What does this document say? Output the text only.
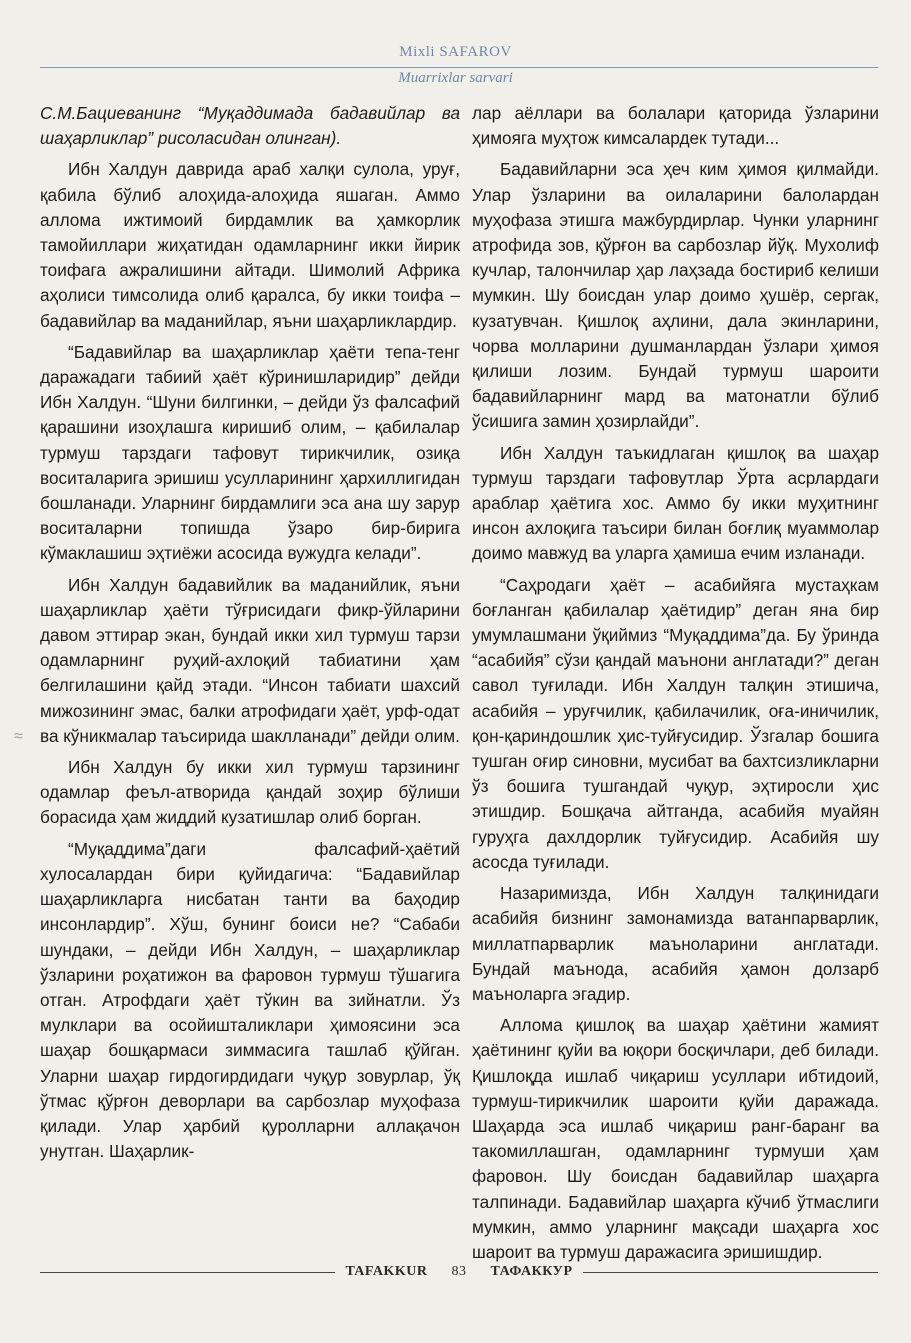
Mixli SAFAROV
Muarrixlar sarvari
≈

С.М.Бациеванинг “Муқаддимада бадавийлар ва шаҳарликлар” рисоласидан олинган).

Ибн Халдун даврида араб халқи сулола, уруғ, қабила бўлиб алоҳида-алоҳида яшаган. Аммо аллома ижтимоий бирдамлик ва ҳамкорлик тамойиллари жиҳатидан одамларнинг икки йирик тоифага ажралишини айтади. Шимолий Африка аҳолиси тимсолида олиб қаралса, бу икки тоифа – бадавийлар ва маданийлар, яъни шаҳарликлардир.

“Бадавийлар ва шаҳарликлар ҳаёти тепа-тенг даражадаги табиий ҳаёт кўринишларидир” дейди Ибн Халдун. “Шуни билгинки, – дейди ўз фалсафий қарашини изоҳлашга киришиб олим, – қабилалар турмуш тарздаги тафовут тирикчилик, озиқа воситаларига эришиш усулларининг ҳархиллигидан бошланади. Уларнинг бирдамлиги эса ана шу зарур воситаларни топишда ўзаро бир-бирига кўмаклашиш эҳтиёжи асосида вужудга келади”.

Ибн Халдун бадавийлик ва маданийлик, яъни шаҳарликлар ҳаёти тўғрисидаги фикр-ўйларини давом эттирар экан, бундай икки хил турмуш тарзи одамларнинг руҳий-ахлоқий табиатини ҳам белгилашини қайд этади. “Инсон табиати шахсий мижозининг эмас, балки атрофидаги ҳаёт, урф-одат ва кўникмалар таъсирида шаклланади” дейди олим.

Ибн Халдун бу икки хил турмуш тарзининг одамлар феъл-атворида қандай зоҳир бўлиши борасида ҳам жиддий кузатишлар олиб борган.

“Муқаддима”даги фалсафий-ҳаётий хулосалардан бири қуйидагича: “Бадавийлар шаҳарликларга нисбатан танти ва баҳодир инсонлардир”. Хўш, бунинг боиси не? “Сабаби шундаки, – дейди Ибн Халдун, – шаҳарликлар ўзларини роҳатижон ва фаровон турмуш тўшагига отган. Атрофдаги ҳаёт тўкин ва зийнатли. Ўз мулклари ва осойишталиклари ҳимоясини эса шаҳар бошқармаси зиммасига ташлаб қўйган. Уларни шаҳар гирдогирдидаги чуқур зовурлар, ўқ ўтмас қўрғон деворлари ва сарбозлар муҳофаза қилади. Улар ҳарбий қуролларни аллақачон унутган. Шаҳарлик-

лар аёллари ва болалари қаторида ўзларини ҳимояга муҳтож кимсалардек тутади...

Бадавийларни эса ҳеч ким ҳимоя қилмайди. Улар ўзларини ва оилаларини балолардан муҳофаза этишга мажбурдирлар. Чунки уларнинг атрофида зов, қўрғон ва сарбозлар йўқ. Мухолиф кучлар, талончилар ҳар лаҳзада бостириб келиши мумкин. Шу боисдан улар доимо ҳушёр, сергак, кузатувчан. Қишлоқ аҳлини, дала экинларини, чорва молларини душманлардан ўзлари ҳимоя қилиши лозим. Бундай турмуш шароити бадавийларнинг мард ва матонатли бўлиб ўсишига замин ҳозирлайди”.

Ибн Халдун таъкидлаган қишлоқ ва шаҳар турмуш тарздаги тафовутлар Ўрта асрлардаги араблар ҳаётига хос. Аммо бу икки муҳитнинг инсон ахлоқига таъсири билан боғлиқ муаммолар доимо мавжуд ва уларга ҳамиша ечим изланади.

“Саҳродаги ҳаёт – асабийяга мустаҳкам боғланган қабилалар ҳаётидир” деган яна бир умумлашмани ўқиймиз “Муқаддима”да. Бу ўринда “асабийя” сўзи қандай маънони англатади?” деган савол туғилади. Ибн Халдун талқин этишича, асабийя – уруғчилик, қабилачилик, оға-иничилик, қон-қариндошлик ҳис-туйғусидир. Ўзгалар бошига тушган оғир синовни, мусибат ва бахтсизликларни ўз бошига тушгандай чуқур, эҳтиросли ҳис этишдир. Бошқача айтганда, асабийя муайян гуруҳга дахлдорлик туйғусидир. Асабийя шу асосда туғилади.

Назаримизда, Ибн Халдун талқинидаги асабийя бизнинг замонамизда ватанпарварлик, миллатпарварлик маъноларини англатади. Бундай маънода, асабийя ҳамон долзарб маъноларга эгадир.

Аллома қишлоқ ва шаҳар ҳаётини жамият ҳаётининг қуйи ва юқори босқичлари, деб билади. Қишлоқда ишлаб чиқариш усуллари ибтидоий, турмуш-тирикчилик шароити қуйи даражада. Шаҳарда эса ишлаб чиқариш ранг-баранг ва такомиллашган, одамларнинг турмуши ҳам фаровон. Шу боисдан бадавийлар шаҳарга талпинади. Бадавийлар шаҳарга кўчиб ўтмаслиги мумкин, аммо уларнинг мақсади шаҳарга хос шароит ва турмуш даражасига эришишдир.

TAFAKKUR	83	ТАФАККУР
